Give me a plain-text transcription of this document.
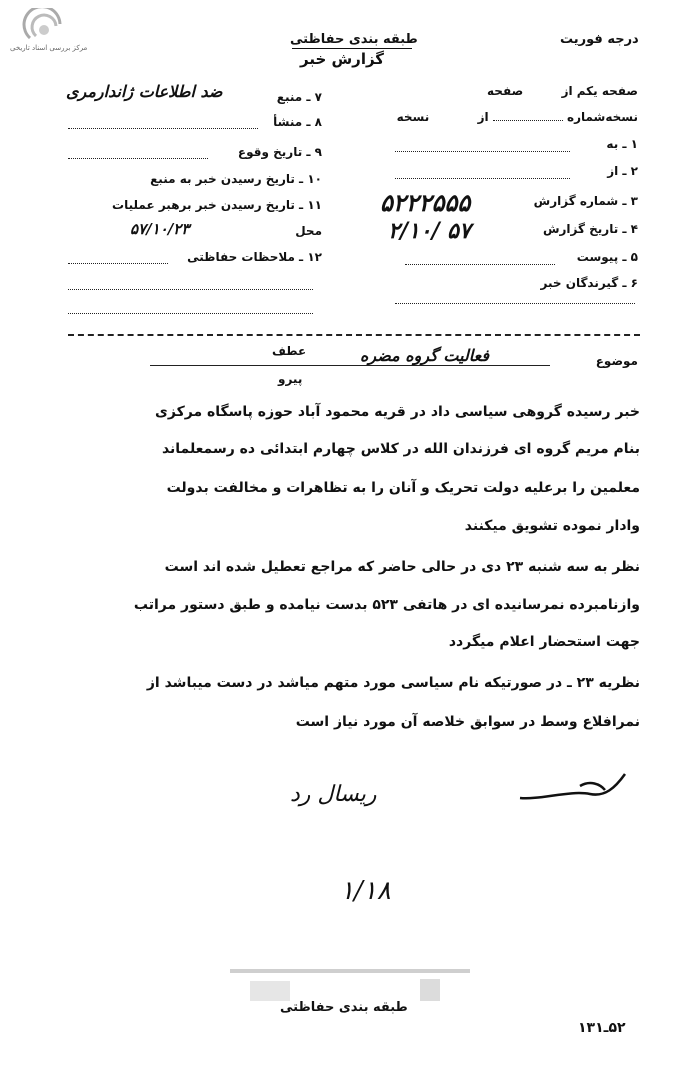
مرکز بررسی اسناد تاریخی
طبقه بندی حفاظتی
گزارش خبر
درجه فوریت
صفحه یکم از  صفحه
نسخه‌شماره  از  نسخه
۱ ـ به
۲ ـ از
۳ ـ شماره گزارش
۵۲۲۲۵۵۵
۴ ـ تاریخ گزارش
۲/۱۰/ ۵۷
۵ ـ پیوست
۶ ـ گیرندگان خبر
۷ ـ منبع
ضد اطلاعات ژاندارمری
۸ ـ منشأ
۹ ـ تاریخ وقوع
۱۰ ـ تاریخ رسیدن خبر به منبع
۱۱ ـ تاریخ رسیدن خبر برهبر عملیات
محل
۵۷/۱۰/۲۳
۱۲ ـ ملاحظات حفاظتی
عطف
موضوع
فعالیت گروه مضره
پیرو
خبر رسیده گروهی سیاسی داد در قریه محمود آباد حوزه پاسگاه مرکزی
بنام مریم گروه ای فرزندان الله در کلاس چهارم ابتدائی ده رسمعلماند
معلمین را برعلیه دولت تحریک و آنان را به تظاهرات و مخالفت بدولت
وادار نموده تشویق میکنند
نظر به سه شنبه ۲۳ دی در حالی حاضر که مراجع تعطیل شده اند است
وازنامبرده نمرسانیده ای در هاتفی ۵۲۳ بدست نیامده و طبق دستور مراتب
جهت استحضار اعلام میگردد
نظریه ۲۳ ـ در صورتیکه نام سیاسی مورد متهم میاشد در دست میباشد از
نمرافلاع وسط در سوابق خلاصه آن مورد نیاز است
ریسال رد
۱/۱۸
طبقه بندی حفاظتی
۵۲ـ۱۳۱
